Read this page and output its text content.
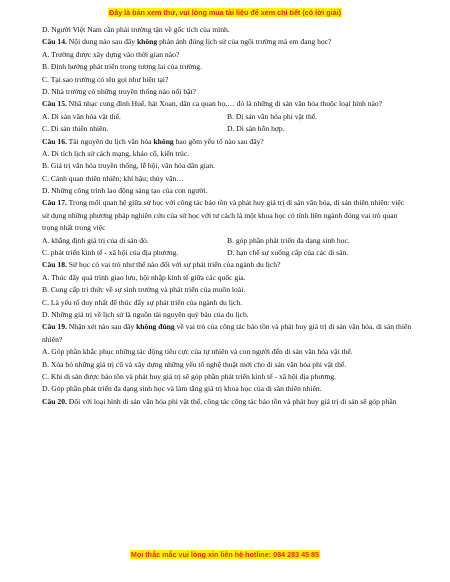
Đây là bản xem thử, vui lòng mua tài liệu để xem chi tiết (có lời giải)
D. Người Việt Nam cần phải trường tận về gốc tích của mình.
Câu 14. Nội dung nào sau đây không phản ánh đúng lịch sử của ngôi trường mà em đang học?
A. Trường được xây dựng vào thời gian nào?
B. Định hướng phát triển trong tương lai của trường.
C. Tại sao trường có tên gọi như hiện tại?
D. Nhà trường có những truyền thống nào nổi bật?
Câu 15. Nhã nhạc cung đình Huế, hát Xoan, dân ca quan họ,… đó là những di sản văn hóa thuộc loại hình nào?
A. Di sản văn hóa vật thể.	B. Di sản văn hóa phi vật thể.
C. Di sản thiên nhiên.	D. Di sản hỗn hợp.
Câu 16. Tài nguyên du lịch văn hóa không bao gồm yếu tố nào sau đây?
A. Di tích lịch sử cách mạng, khảo cổ, kiến trúc.
B. Giá trị văn hóa truyền thống, lễ hội, văn hóa dân gian.
C. Cảnh quan thiên nhiên; khí hậu; thủy văn…
D. Những công trình lao động sáng tạo của con người.
Câu 17. Trong mối quan hệ giữa sử học với công tác bảo tồn và phát huy giá trị di sản văn hóa, di sản thiên nhiên: việc sử dụng những phương pháp nghiên cứu của sử học với tư cách là một khoa học có tính liên ngành đóng vai trò quan trọng nhất trong việc
A. khẳng định giá trị của di sản đó.	B. góp phần phát triển đa dạng sinh học.
C. phát triển kinh tế - xã hội của địa phương.	D. hạn chế sự xuống cấp của các di sản.
Câu 18. Sử học có vai trò như thế nào đối với sự phát triển của ngành du lịch?
A. Thúc đẩy quá trình giao lưu, hội nhập kinh tế giữa các quốc gia.
B. Cung cấp tri thức về sự sinh trưởng và phát triển của muôn loài.
C. Là yếu tố duy nhất để thúc đẩy sự phát triển của ngành du lịch.
D. Những giá trị về lịch sử là nguồn tài nguyên quý báu của du lịch.
Câu 19. Nhận xét nào sau đây không đúng về vai trò của công tác bảo tồn và phát huy giá trị di sản văn hóa, di sản thiên nhiên?
A. Góp phần khắc phục những tác động tiêu cực của tự nhiên và con người đến di sản văn hóa vật thể.
B. Xóa bỏ những giá trị cũ và xây dựng những yếu tố nghệ thuật mới cho di sản văn hóa phi vật thể.
C. Khi di sản được bảo tồn và phát huy giá trị sẽ góp phần phát triển kinh tế - xã hội địa phương.
D. Góp phần phát triển đa dạng sinh học và làm tăng giá trị khoa học của di sản thiên nhiên.
Câu 20. Đối với loại hình di sản văn hóa phi vật thể, công tác công tác bảo tồn và phát huy giá trị di sản sẽ góp phần
Mọi thắc mắc vui lòng xin liên hệ hotline: 084 283 45 85
